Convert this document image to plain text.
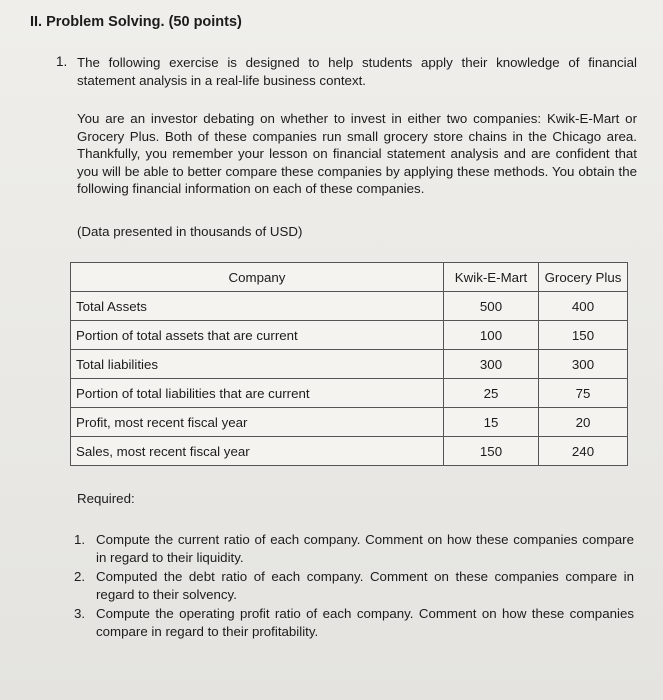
II. Problem Solving. (50 points)
1. The following exercise is designed to help students apply their knowledge of financial statement analysis in a real-life business context.
You are an investor debating on whether to invest in either two companies: Kwik-E-Mart or Grocery Plus. Both of these companies run small grocery store chains in the Chicago area. Thankfully, you remember your lesson on financial statement analysis and are confident that you will be able to better compare these companies by applying these methods. You obtain the following financial information on each of these companies.
(Data presented in thousands of USD)
Company	Kwik-E-Mart	Grocery Plus
Total Assets	500	400
Portion of total assets that are current	100	150
Total liabilities	300	300
Portion of total liabilities that are current	25	75
Profit, most recent fiscal year	15	20
Sales, most recent fiscal year	150	240
Required:
1. Compute the current ratio of each company. Comment on how these companies compare in regard to their liquidity.
2. Computed the debt ratio of each company. Comment on these companies compare in regard to their solvency.
3. Compute the operating profit ratio of each company. Comment on how these companies compare in regard to their profitability.
